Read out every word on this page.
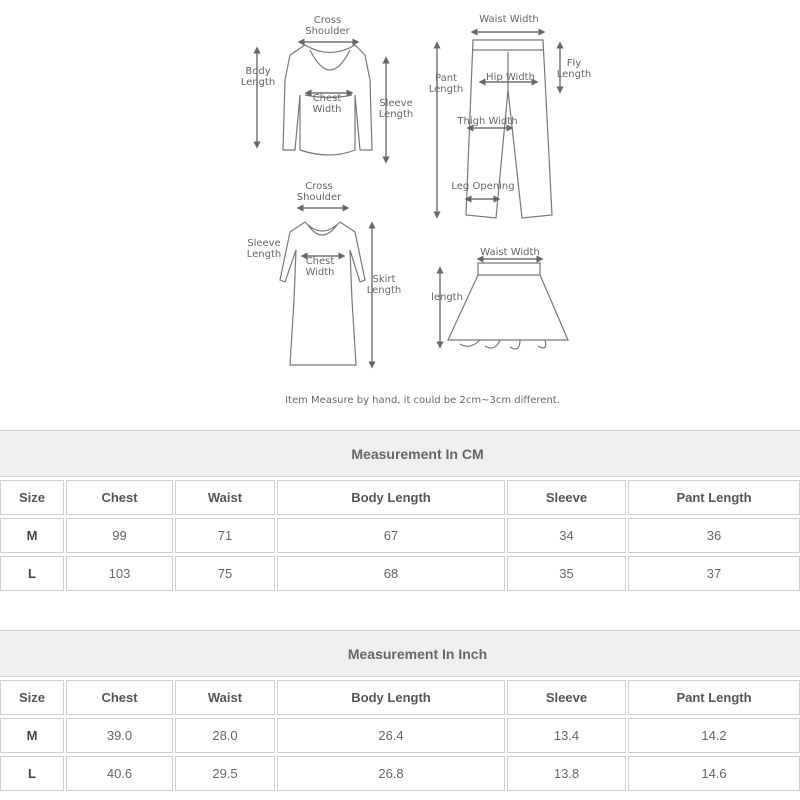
Cross
Shoulder
Body
Length
Chest
Width
Sleeve
Length
Waist Width
Pant
Length
Hip Width
Fly
Length
Thigh Width
Leg Opening
Cross
Shoulder
Sleeve
Length
Chest
Width
Skirt
Length
Waist Width
length
Item Measure by hand, it could be 2cm~3cm different.
Measurement In CM
Size	Chest	Waist	Body Length	Sleeve	Pant Length
M	99	71	67	34	36
L	103	75	68	35	37
Measurement In Inch
Size	Chest	Waist	Body Length	Sleeve	Pant Length
M	39.0	28.0	26.4	13.4	14.2
L	40.6	29.5	26.8	13.8	14.6
